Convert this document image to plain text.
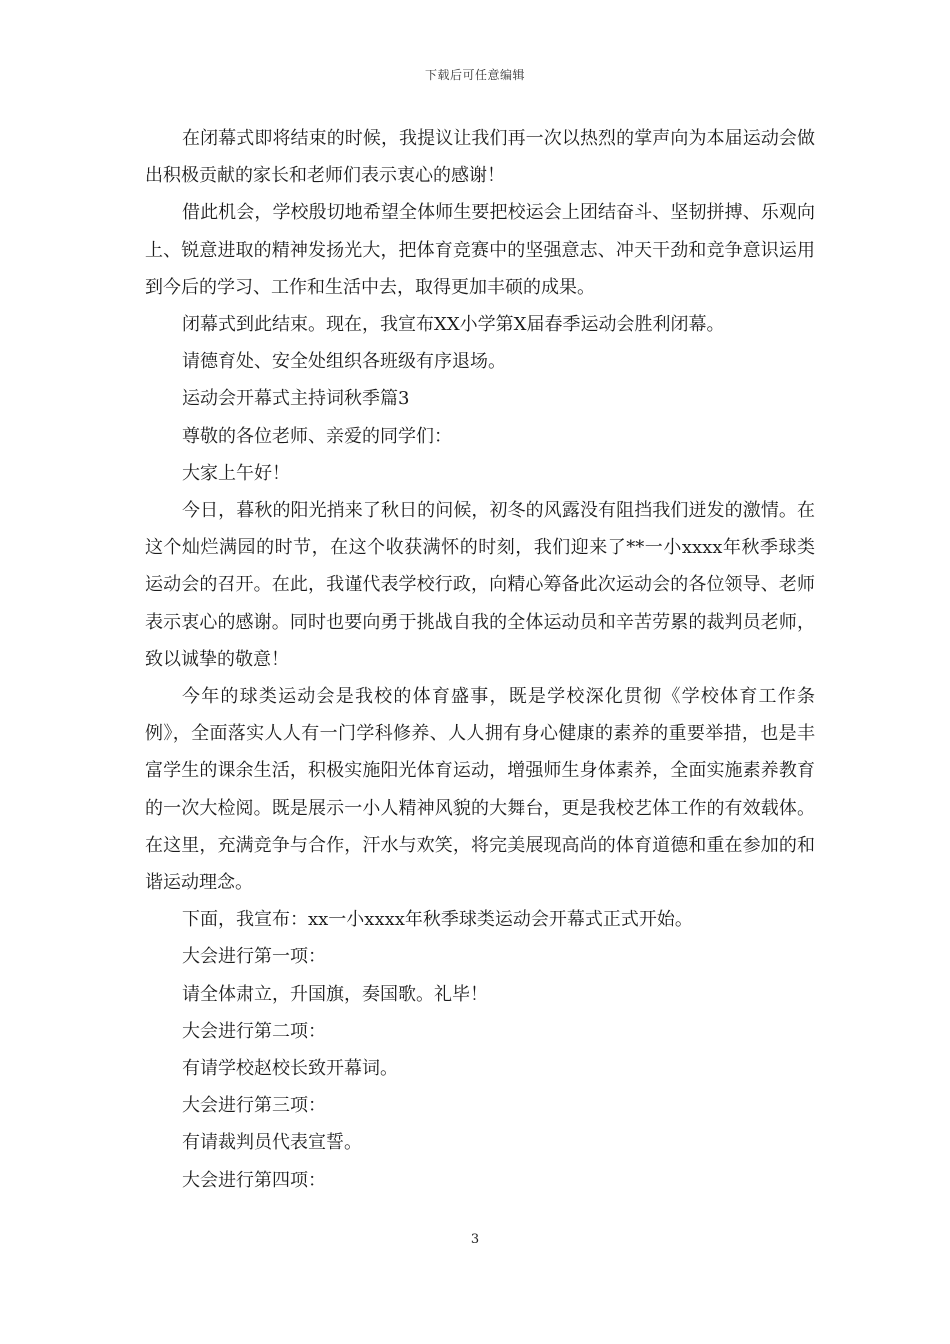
下载后可任意编辑

在闭幕式即将结束的时候，我提议让我们再一次以热烈的掌声向为本届运动会做出积极贡献的家长和老师们表示衷心的感谢！

借此机会，学校殷切地希望全体师生要把校运会上团结奋斗、坚韧拼搏、乐观向上、锐意进取的精神发扬光大，把体育竞赛中的坚强意志、冲天干劲和竞争意识运用到今后的学习、工作和生活中去，取得更加丰硕的成果。

闭幕式到此结束。现在，我宣布XX小学第X届春季运动会胜利闭幕。

请德育处、安全处组织各班级有序退场。

运动会开幕式主持词秋季篇3

尊敬的各位老师、亲爱的同学们：

大家上午好！

今日，暮秋的阳光捎来了秋日的问候，初冬的风露没有阻挡我们迸发的激情。在这个灿烂满园的时节，在这个收获满怀的时刻，我们迎来了**一小xxxx年秋季球类运动会的召开。在此，我谨代表学校行政，向精心筹备此次运动会的各位领导、老师表示衷心的感谢。同时也要向勇于挑战自我的全体运动员和辛苦劳累的裁判员老师，致以诚挚的敬意！

今年的球类运动会是我校的体育盛事，既是学校深化贯彻《学校体育工作条例》，全面落实人人有一门学科修养、人人拥有身心健康的素养的重要举措，也是丰富学生的课余生活，积极实施阳光体育运动，增强师生身体素养，全面实施素养教育的一次大检阅。既是展示一小人精神风貌的大舞台，更是我校艺体工作的有效载体。在这里，充满竞争与合作，汗水与欢笑，将完美展现高尚的体育道德和重在参加的和谐运动理念。

下面，我宣布：xx一小xxxx年秋季球类运动会开幕式正式开始。

大会进行第一项：

请全体肃立，升国旗，奏国歌。礼毕！

大会进行第二项：

有请学校赵校长致开幕词。

大会进行第三项：

有请裁判员代表宣誓。

大会进行第四项：

3
